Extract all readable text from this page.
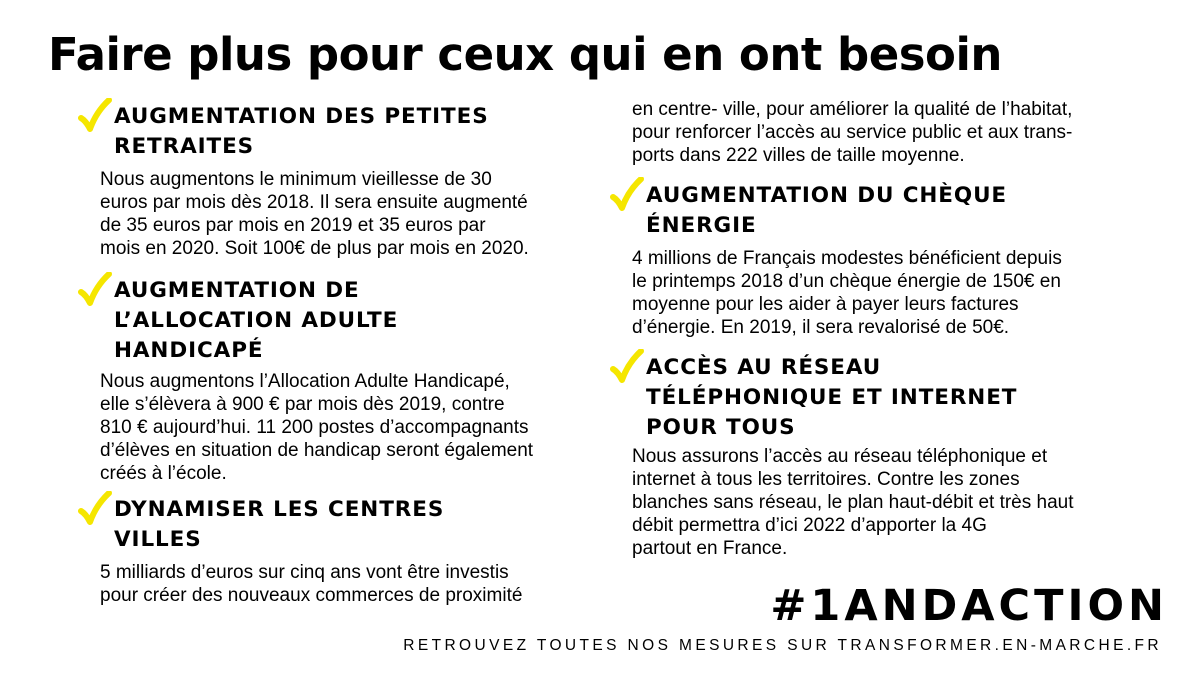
Faire plus pour ceux qui en ont besoin
AUGMENTATION DES PETITES
RETRAITES

Nous augmentons le minimum vieillesse de 30
euros par mois dès 2018. Il sera ensuite augmenté
de 35 euros par mois en 2019 et 35 euros par
mois en 2020. Soit 100€ de plus par mois en 2020.

AUGMENTATION DE
L’ALLOCATION ADULTE
HANDICAPÉ

Nous augmentons l’Allocation Adulte Handicapé,
elle s’élèvera à 900 € par mois dès 2019, contre
810 € aujourd’hui. 11 200 postes d’accompagnants
d’élèves en situation de handicap seront également
créés à l’école.

DYNAMISER LES CENTRES
VILLES

5 milliards d’euros sur cinq ans vont être investis
pour créer des nouveaux commerces de proximité

en centre- ville, pour améliorer la qualité de l’habitat,
pour renforcer l’accès au service public et aux trans-
ports dans 222 villes de taille moyenne.

AUGMENTATION DU CHÈQUE
ÉNERGIE

4 millions de Français modestes bénéficient depuis
le printemps 2018 d’un chèque énergie de 150€ en
moyenne pour les aider à payer leurs factures
d’énergie. En 2019, il sera revalorisé de 50€.

ACCÈS AU RÉSEAU
TÉLÉPHONIQUE ET INTERNET
POUR TOUS

Nous assurons l’accès au réseau téléphonique et
internet à tous les territoires. Contre les zones
blanches sans réseau, le plan haut-débit et très haut
débit permettra d’ici 2022 d’apporter la 4G
partout en France.

#1ANDACTION
RETROUVEZ TOUTES NOS MESURES SUR TRANSFORMER.EN-MARCHE.FR
